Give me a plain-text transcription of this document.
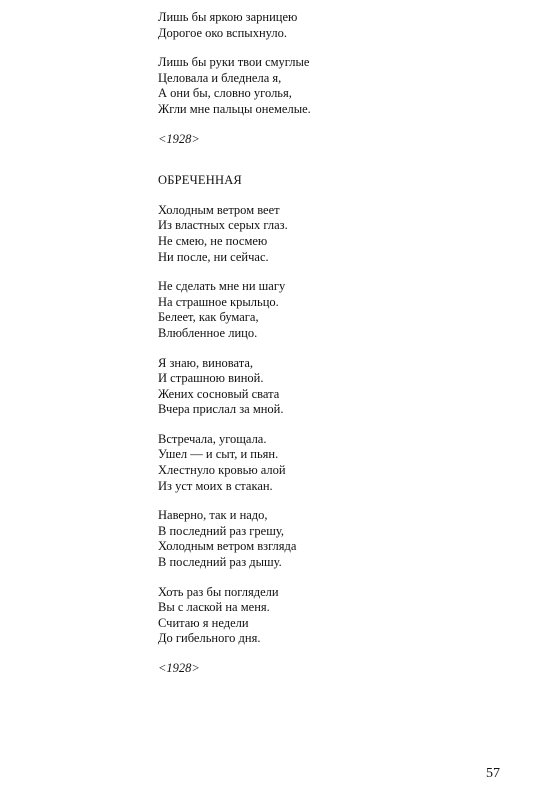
Лишь бы яркою зарницею
Дорогое око вспыхнуло.
Лишь бы руки твои смуглые
Целовала и бледнела я,
А они бы, словно уголья,
Жгли мне пальцы онемелые.
<1928>
ОБРЕЧЕННАЯ
Холодным ветром веет
Из властных серых глаз.
Не смею, не посмею
Ни после, ни сейчас.
Не сделать мне ни шагу
На страшное крыльцо.
Белеет, как бумага,
Влюбленное лицо.
Я знаю, виновата,
И страшною виной.
Жених сосновый свата
Вчера прислал за мной.
Встречала, угощала.
Ушел — и сыт, и пьян.
Хлестнуло кровью алой
Из уст моих в стакан.
Наверно, так и надо,
В последний раз грешу,
Холодным ветром взгляда
В последний раз дышу.
Хоть раз бы поглядели
Вы с лаской на меня.
Считаю я недели
До гибельного дня.
<1928>
57
